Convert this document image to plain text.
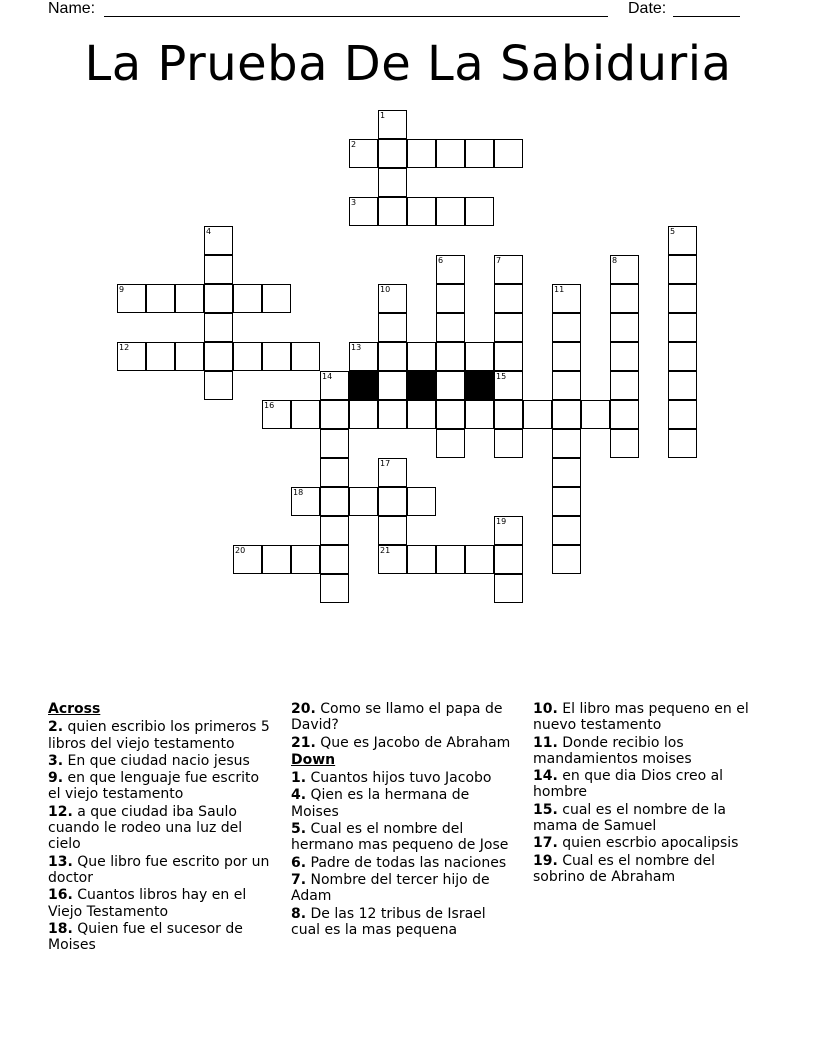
Name:	Date:
La Prueba De La Sabiduria
1
2
3
4	5
6	7	8
9	10	11
12	13
14	15
16
17
18
19
20	21
Across
2. quien escribio los primeros 5 libros del viejo testamento
3. En que ciudad nacio jesus
9. en que lenguaje fue escrito el viejo testamento
12. a que ciudad iba Saulo cuando le rodeo una luz del cielo
13. Que libro fue escrito por un doctor
16. Cuantos libros hay en el Viejo Testamento
18. Quien fue el sucesor de Moises
20. Como se llamo el papa de David?
21. Que es Jacobo de Abraham
Down
1. Cuantos hijos tuvo Jacobo
4. Qien es la hermana de Moises
5. Cual es el nombre del hermano mas pequeno de Jose
6. Padre de todas las naciones
7. Nombre del tercer hijo de Adam
8. De las 12 tribus de Israel cual es la mas pequena
10. El libro mas pequeno en el nuevo testamento
11. Donde recibio los mandamientos moises
14. en que dia Dios creo al hombre
15. cual es el nombre de la mama de Samuel
17. quien escrbio apocalipsis
19. Cual es el nombre del sobrino de Abraham
